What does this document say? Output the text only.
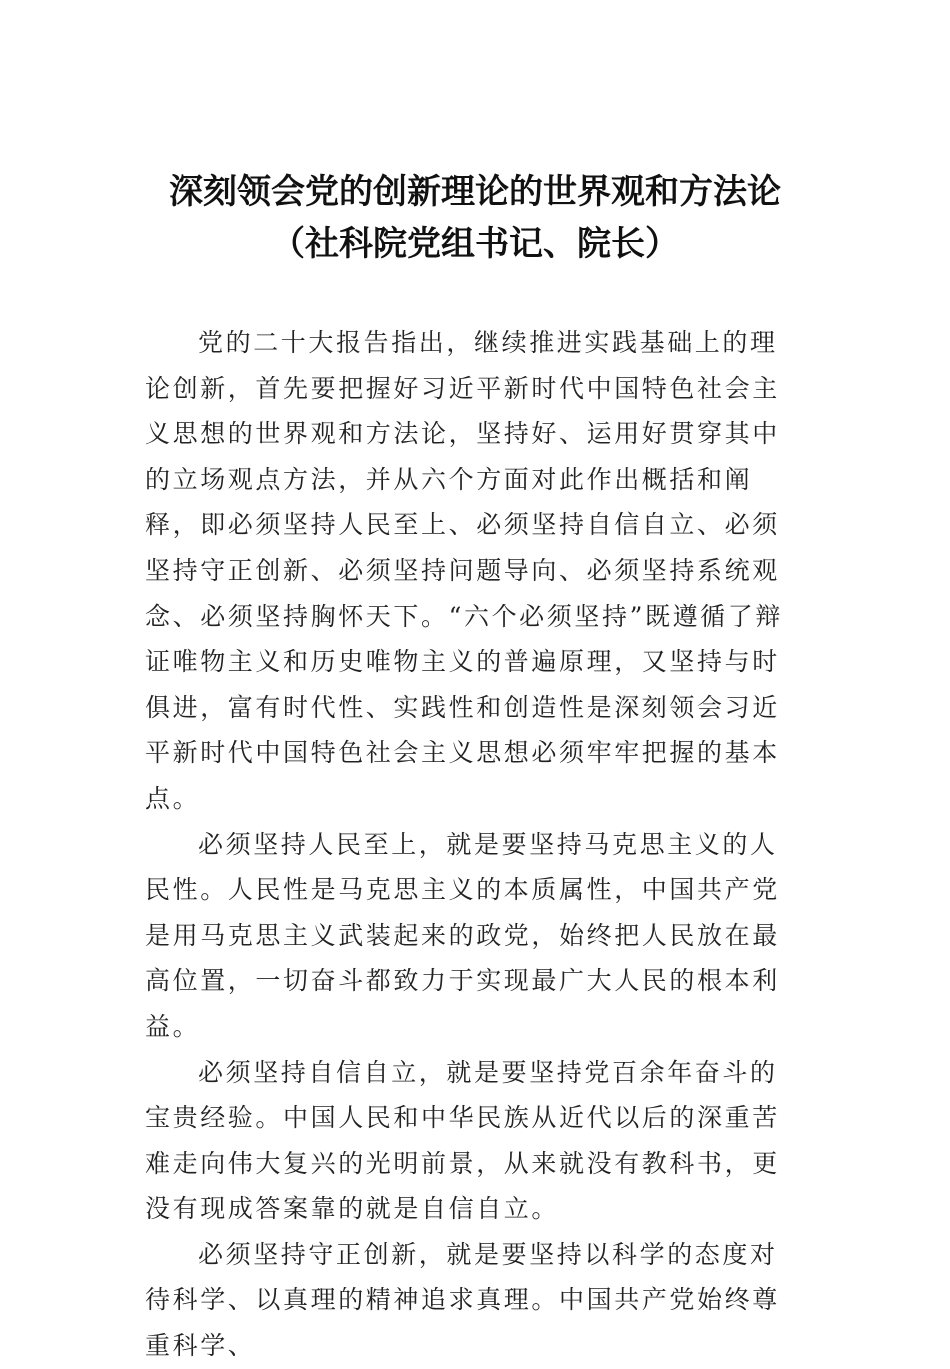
深刻领会党的创新理论的世界观和方法论
（社科院党组书记、院长）

党的二十大报告指出，继续推进实践基础上的理论创新，首先要把握好习近平新时代中国特色社会主义思想的世界观和方法论，坚持好、运用好贯穿其中的立场观点方法，并从六个方面对此作出概括和阐释，即必须坚持人民至上、必须坚持自信自立、必须坚持守正创新、必须坚持问题导向、必须坚持系统观念、必须坚持胸怀天下。“六个必须坚持”既遵循了辩证唯物主义和历史唯物主义的普遍原理，又坚持与时俱进，富有时代性、实践性和创造性是深刻领会习近平新时代中国特色社会主义思想必须牢牢把握的基本点。

必须坚持人民至上，就是要坚持马克思主义的人民性。人民性是马克思主义的本质属性，中国共产党是用马克思主义武装起来的政党，始终把人民放在最高位置，一切奋斗都致力于实现最广大人民的根本利益。

必须坚持自信自立，就是要坚持党百余年奋斗的宝贵经验。中国人民和中华民族从近代以后的深重苦难走向伟大复兴的光明前景，从来就没有教科书，更没有现成答案靠的就是自信自立。

必须坚持守正创新，就是要坚持以科学的态度对待科学、以真理的精神追求真理。中国共产党始终尊重科学、
